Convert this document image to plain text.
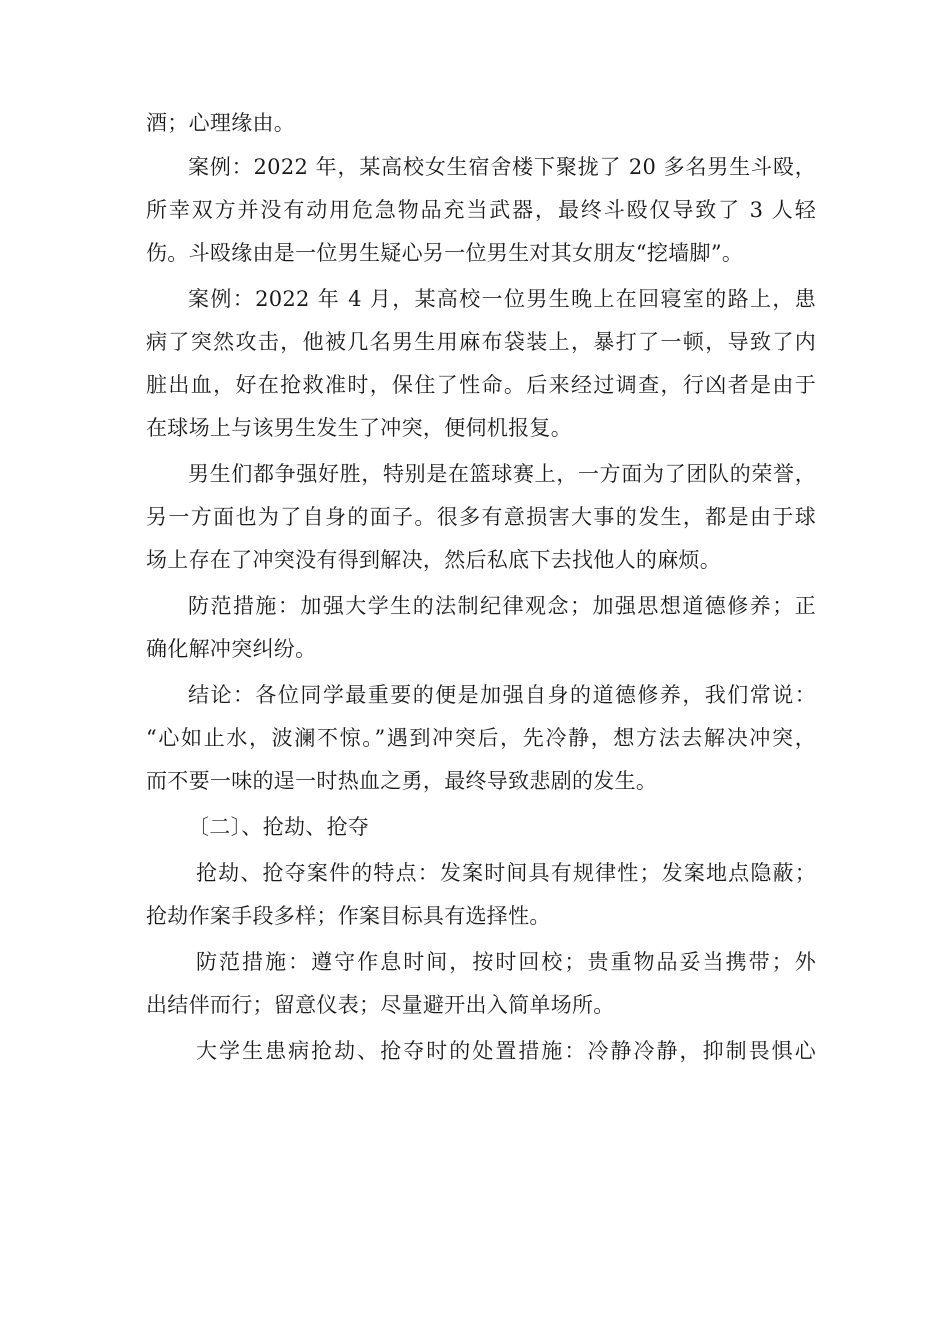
酒；心理缘由。
案例：2022 年，某高校女生宿舍楼下聚拢了 20 多名男生斗殴，
所幸双方并没有动用危急物品充当武器，最终斗殴仅导致了 3 人轻
伤。斗殴缘由是一位男生疑心另一位男生对其女朋友“挖墙脚”。
案例：2022 年 4 月，某高校一位男生晚上在回寝室的路上，患
病了突然攻击，他被几名男生用麻布袋装上，暴打了一顿，导致了内
脏出血，好在抢救准时，保住了性命。后来经过调查，行凶者是由于
在球场上与该男生发生了冲突，便伺机报复。
男生们都争强好胜，特别是在篮球赛上，一方面为了团队的荣誉，
另一方面也为了自身的面子。很多有意损害大事的发生，都是由于球
场上存在了冲突没有得到解决，然后私底下去找他人的麻烦。
防范措施：加强大学生的法制纪律观念；加强思想道德修养；正
确化解冲突纠纷。
结论：各位同学最重要的便是加强自身的道德修养，我们常说：
“心如止水，波澜不惊。”遇到冲突后，先冷静，想方法去解决冲突，
而不要一味的逞一时热血之勇，最终导致悲剧的发生。
〔二〕、抢劫、抢夺
抢劫、抢夺案件的特点：发案时间具有规律性；发案地点隐蔽；
抢劫作案手段多样；作案目标具有选择性。
防范措施：遵守作息时间，按时回校；贵重物品妥当携带；外
出结伴而行；留意仪表；尽量避开出入简单场所。
大学生患病抢劫、抢夺时的处置措施：冷静冷静，抑制畏惧心
